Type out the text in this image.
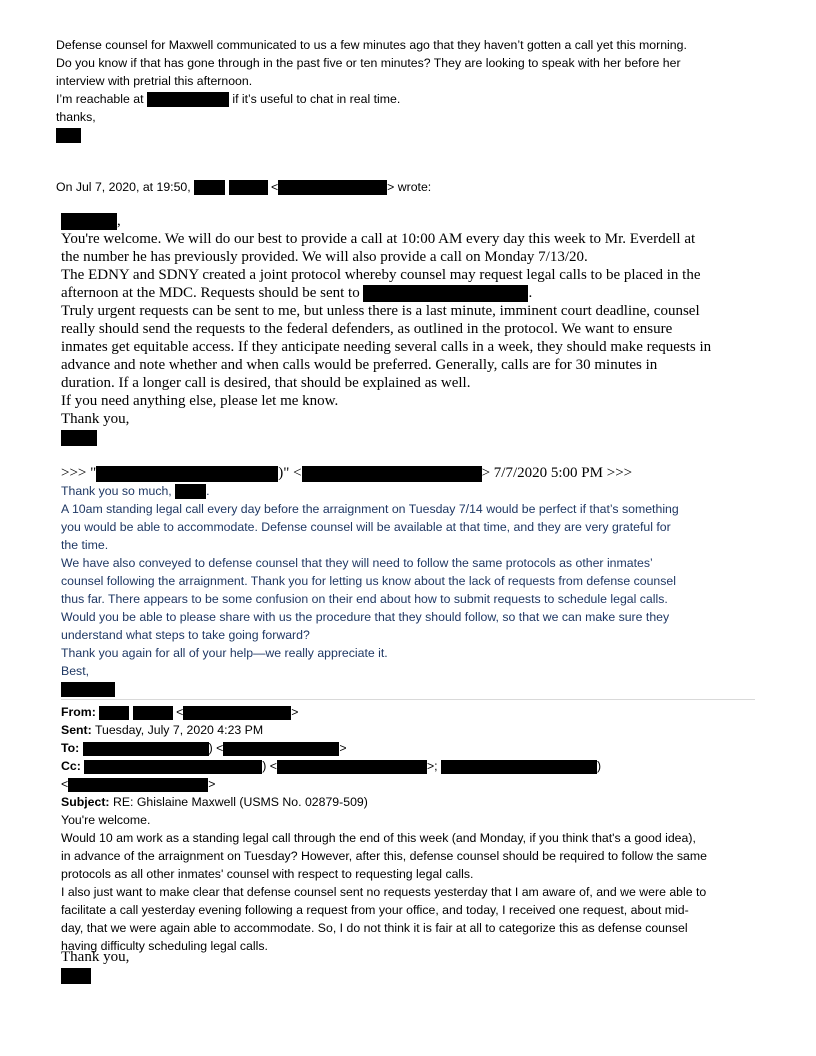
Defense counsel for Maxwell communicated to us a few minutes ago that they haven’t gotten a call yet this morning.
Do you know if that has gone through in the past five or ten minutes? They are looking to speak with her before her
interview with pretrial this afternoon.
I’m reachable at	if it’s useful to chat in real time.
thanks,
On Jul 7, 2020, at 19:50,	<	> wrote:
,
You're welcome. We will do our best to provide a call at 10:00 AM every day this week to Mr. Everdell at
the number he has previously provided. We will also provide a call on Monday 7/13/20.
The EDNY and SDNY created a joint protocol whereby counsel may request legal calls to be placed in the
afternoon at the MDC. Requests should be sent to	.
Truly urgent requests can be sent to me, but unless there is a last minute, imminent court deadline, counsel
really should send the requests to the federal defenders, as outlined in the protocol. We want to ensure
inmates get equitable access. If they anticipate needing several calls in a week, they should make requests in
advance and note whether and when calls would be preferred. Generally, calls are for 30 minutes in
duration. If a longer call is desired, that should be explained as well.
If you need anything else, please let me know.
Thank you,
>>> "	)" <	> 7/7/2020 5:00 PM >>>
Thank you so much,	.
A 10am standing legal call every day before the arraignment on Tuesday 7/14 would be perfect if that’s something
you would be able to accommodate. Defense counsel will be available at that time, and they are very grateful for
the time.
We have also conveyed to defense counsel that they will need to follow the same protocols as other inmates’
counsel following the arraignment. Thank you for letting us know about the lack of requests from defense counsel
thus far. There appears to be some confusion on their end about how to submit requests to schedule legal calls.
Would you be able to please share with us the procedure that they should follow, so that we can make sure they
understand what steps to take going forward?
Thank you again for all of your help—we really appreciate it.
Best,
From:	<	>
Sent: Tuesday, July 7, 2020 4:23 PM
To:	) <	>
Cc:	) <	>;	)
<	>
Subject: RE: Ghislaine Maxwell (USMS No. 02879-509)
You're welcome.
Would 10 am work as a standing legal call through the end of this week (and Monday, if you think that's a good idea),
in advance of the arraignment on Tuesday? However, after this, defense counsel should be required to follow the same
protocols as all other inmates' counsel with respect to requesting legal calls.
I also just want to make clear that defense counsel sent no requests yesterday that I am aware of, and we were able to
facilitate a call yesterday evening following a request from your office, and today, I received one request, about mid-
day, that we were again able to accommodate. So, I do not think it is fair at all to categorize this as defense counsel
having difficulty scheduling legal calls.
Thank you,
